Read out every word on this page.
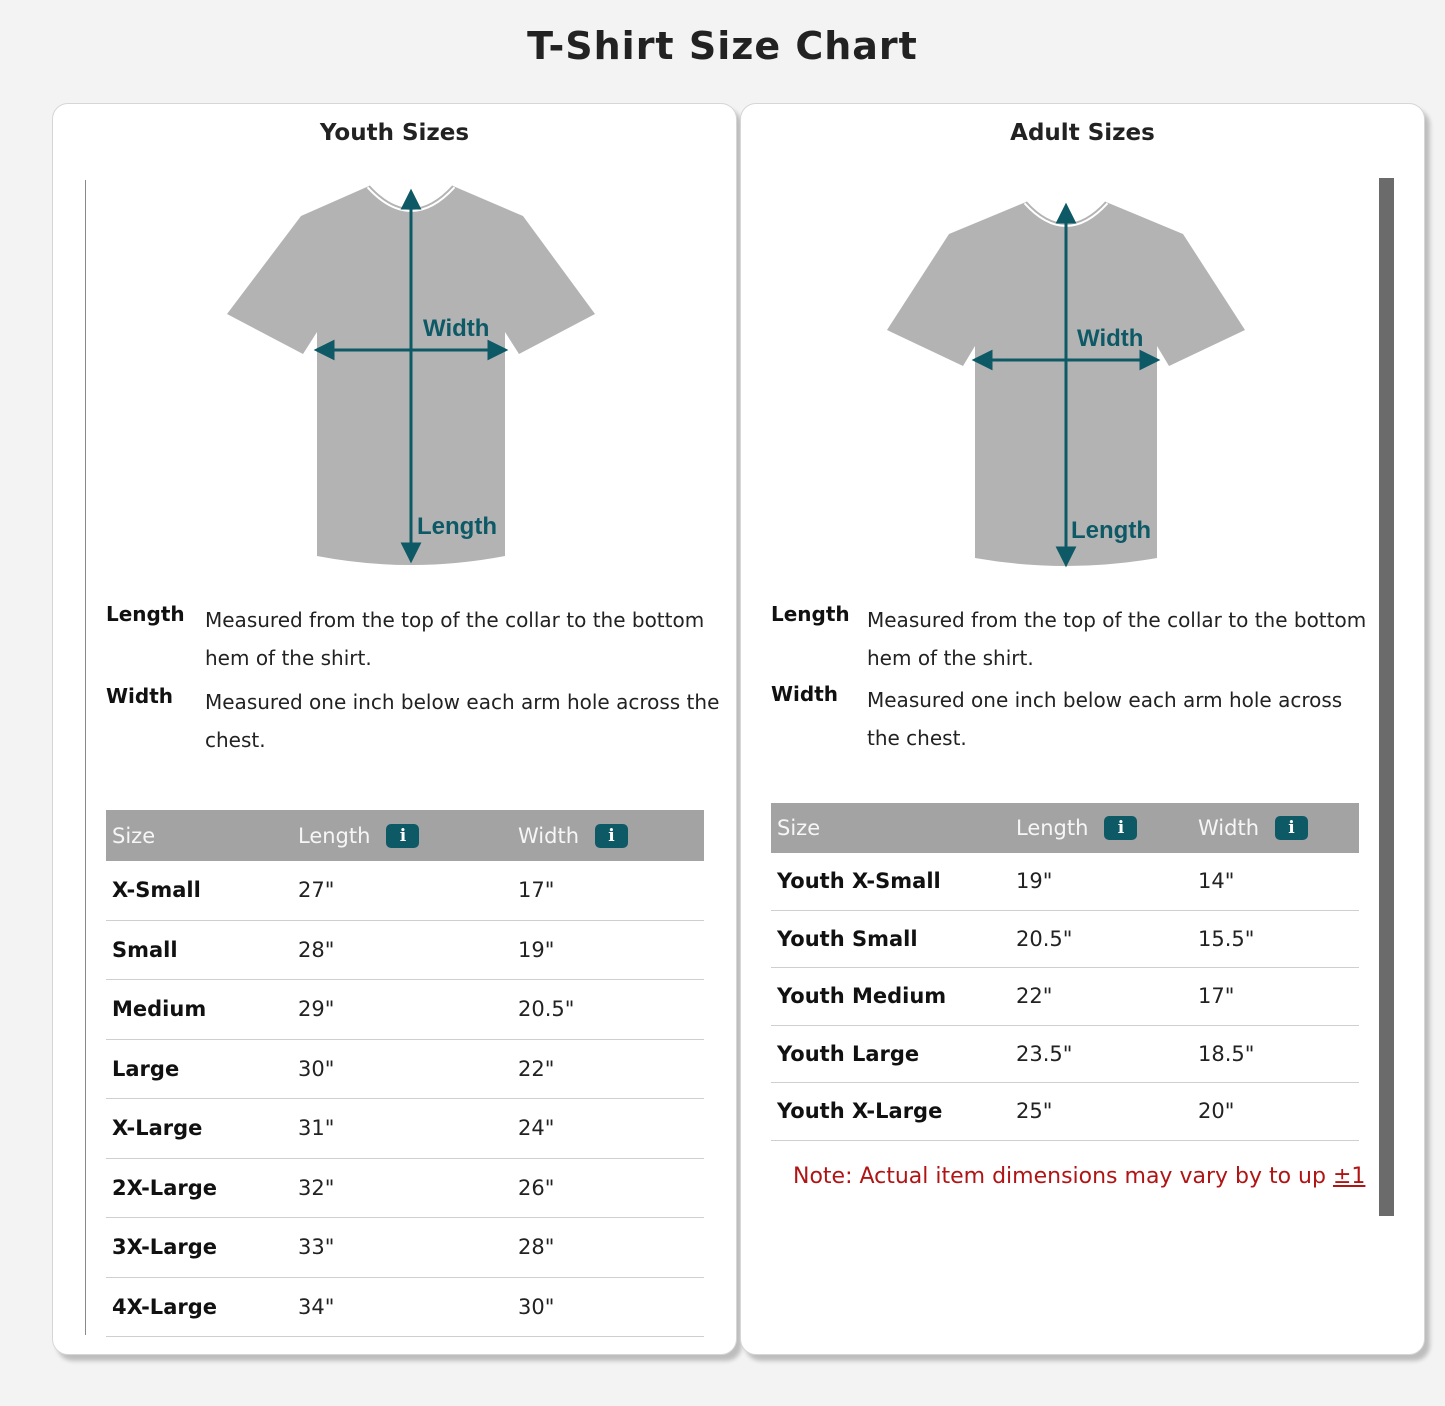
T-Shirt Size Chart
Youth Sizes
Width
Length
Length Measured from the top of the collar to the bottom hem of the shirt.
Width Measured one inch below each arm hole across the chest.
Size	Length	i	Width	i
X-Small	27"	17"
Small	28"	19"
Medium	29"	20.5"
Large	30"	22"
X-Large	31"	24"
2X-Large	32"	26"
3X-Large	33"	28"
4X-Large	34"	30"
Adult Sizes
Width
Length
Length Measured from the top of the collar to the bottom hem of the shirt.
Width Measured one inch below each arm hole across the chest.
Size	Length	i	Width	i
Youth X-Small	19"	14"
Youth Small	20.5"	15.5"
Youth Medium	22"	17"
Youth Large	23.5"	18.5"
Youth X-Large	25"	20"
Note: Actual item dimensions may vary by to up ±1
